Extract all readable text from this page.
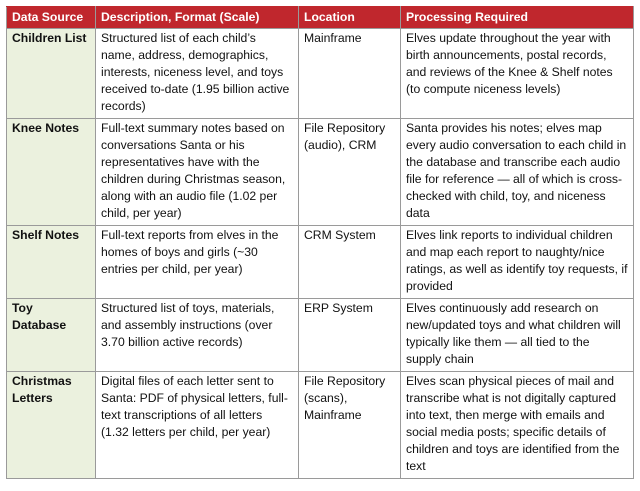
Data Source	Description, Format (Scale)	Location	Processing Required
Children List	Structured list of each child’s name, address, demographics, interests, niceness level, and toys received to-date (1.95 billion active records)	Mainframe	Elves update throughout the year with birth announcements, postal records, and reviews of the Knee & Shelf notes (to compute niceness levels)
Knee Notes	Full-text summary notes based on conversations Santa or his representatives have with the children during Christmas season, along with an audio file (1.02 per child, per year)	File Repository (audio), CRM	Santa provides his notes; elves map every audio conversation to each child in the database and transcribe each audio file for reference — all of which is cross-checked with child, toy, and niceness data
Shelf Notes	Full-text reports from elves in the homes of boys and girls (~30 entries per child, per year)	CRM System	Elves link reports to individual children and map each report to naughty/nice ratings, as well as identify toy requests, if provided
Toy Database	Structured list of toys, materials, and assembly instructions (over 3.70 billion active records)	ERP System	Elves continuously add research on new/updated toys and what children will typically like them — all tied to the supply chain
Christmas Letters	Digital files of each letter sent to Santa: PDF of physical letters, full-text transcriptions of all letters (1.32 letters per child, per year)	File Repository (scans), Mainframe	Elves scan physical pieces of mail and transcribe what is not digitally captured into text, then merge with emails and social media posts; specific details of children and toys are identified from the text
